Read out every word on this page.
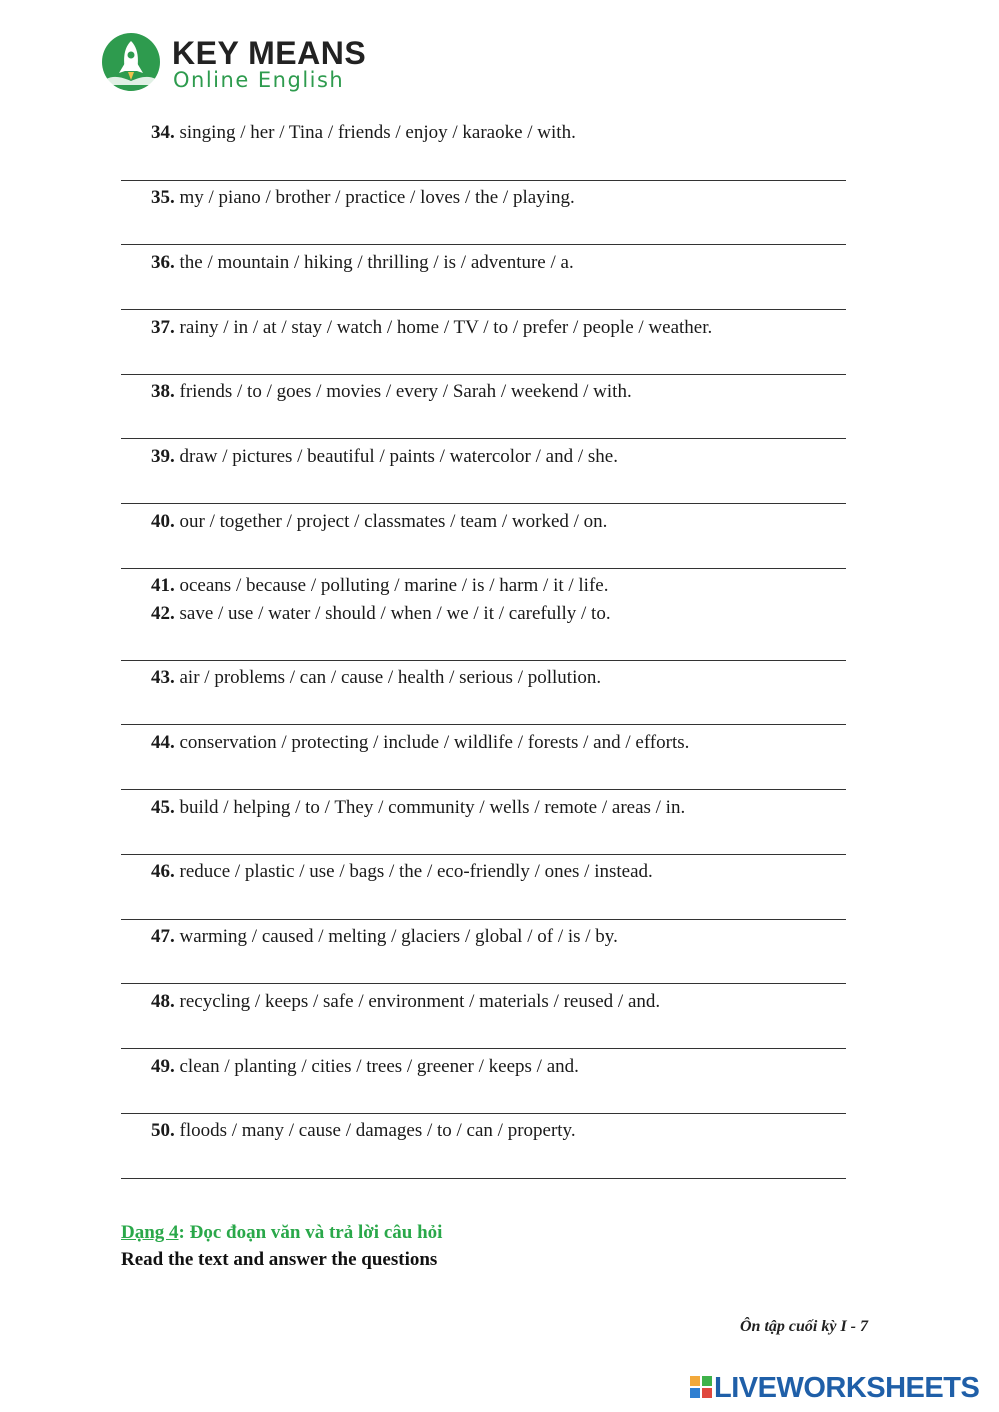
KEY MEANS
Online English
34. singing / her / Tina / friends / enjoy / karaoke / with.
35. my / piano / brother / practice / loves / the / playing.
36. the / mountain / hiking / thrilling / is / adventure / a.
37. rainy / in / at / stay / watch / home / TV / to / prefer / people / weather.
38. friends / to / goes / movies / every / Sarah / weekend / with.
39. draw / pictures / beautiful / paints / watercolor / and / she.
40. our / together / project / classmates / team / worked / on.
41. oceans / because / polluting / marine / is / harm / it / life.
42. save / use / water / should / when / we / it / carefully / to.
43. air / problems / can / cause / health / serious / pollution.
44. conservation / protecting / include / wildlife / forests / and / efforts.
45. build / helping / to / They / community / wells / remote / areas / in.
46. reduce / plastic / use / bags / the / eco-friendly / ones / instead.
47. warming / caused / melting / glaciers / global / of / is / by.
48. recycling / keeps / safe / environment / materials / reused / and.
49. clean / planting / cities / trees / greener / keeps / and.
50. floods / many / cause / damages / to / can / property.
Dạng 4: Đọc đoạn văn và trả lời câu hỏi
Read the text and answer the questions
Ôn tập cuối kỳ I - 7
LIVEWORKSHEETS
